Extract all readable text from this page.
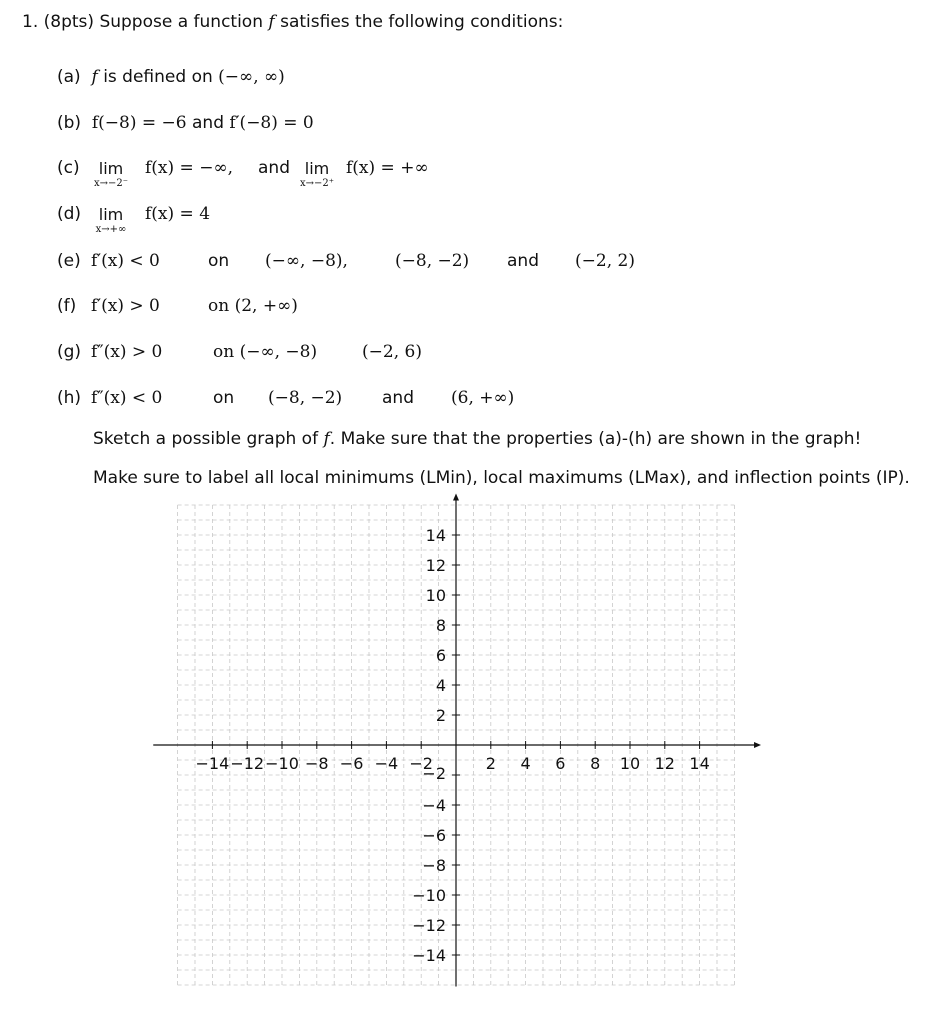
1. (8pts) Suppose a function f satisfies the following conditions:
(a) f is defined on (−∞, ∞)
(b) f(−8) = −6 and f′(−8) = 0
(c)	lim
x→−2⁻
f(x) = −∞, and lim
x→−2⁺
f(x) = +∞
(d)	lim
x→+∞
f(x) = 4
(e) f′(x) < 0	on (−∞, −8),	(−8, −2) and (−2, 2)
(f) f′(x) > 0	on (2, +∞)
(g) f″(x) > 0	on (−∞, −8)	(−2, 6)
(h) f″(x) < 0	on (−8, −2) and (6, +∞)
Sketch a possible graph of f. Make sure that the properties (a)-(h) are shown in the graph!
Make sure to label all local minimums (LMin), local maximums (LMax), and inflection points (IP).
−14 −12 −10 −8 −6 −4 −2	2 4 6 8 10 12 14
14
12
10
8
6
4
2
−2
−4
−6
−8
−10
−12
−14
